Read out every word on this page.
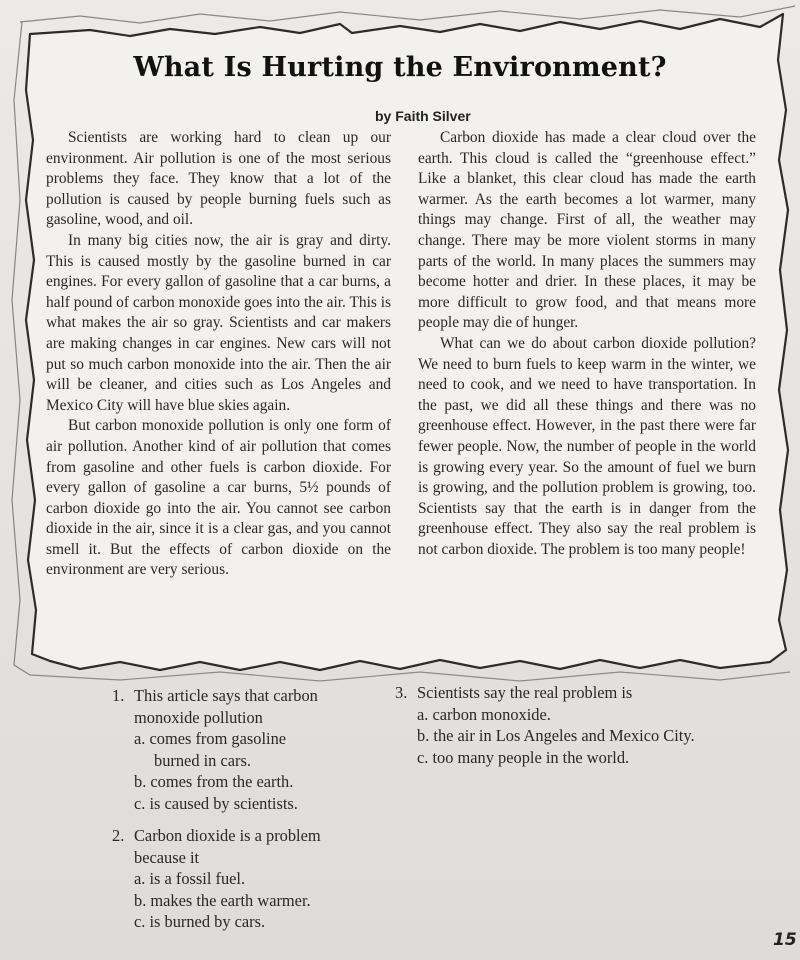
What Is Hurting the Environment?
by Faith Silver

Scientists are working hard to clean up our environment. Air pollution is one of the most serious problems they face. They know that a lot of the pollution is caused by people burning fuels such as gasoline, wood, and oil.

In many big cities now, the air is gray and dirty. This is caused mostly by the gasoline burned in car engines. For every gallon of gasoline that a car burns, a half pound of carbon monoxide goes into the air. This is what makes the air so gray. Scientists and car makers are making changes in car engines. New cars will not put so much carbon monoxide into the air. Then the air will be cleaner, and cities such as Los Angeles and Mexico City will have blue skies again.

But carbon monoxide pollution is only one form of air pollution. Another kind of air pollution that comes from gasoline and other fuels is carbon dioxide. For every gallon of gasoline a car burns, 5½ pounds of carbon dioxide go into the air. You cannot see carbon dioxide in the air, since it is a clear gas, and you cannot smell it. But the effects of carbon dioxide on the environment are very serious.

Carbon dioxide has made a clear cloud over the earth. This cloud is called the “greenhouse effect.” Like a blanket, this clear cloud has made the earth warmer. As the earth becomes a lot warmer, many things may change. First of all, the weather may change. There may be more violent storms in many parts of the world. In many places the summers may become hotter and drier. In these places, it may be more difficult to grow food, and that means more people may die of hunger.

What can we do about carbon dioxide pollution? We need to burn fuels to keep warm in the winter, we need to cook, and we need to have transportation. In the past, we did all these things and there was no greenhouse effect. However, in the past there were far fewer people. Now, the number of people in the world is growing every year. So the amount of fuel we burn is growing, and the pollution problem is growing, too. Scientists say that the earth is in danger from the greenhouse effect. They also say the real problem is not carbon dioxide. The problem is too many people!

1. This article says that carbon
monoxide pollution
a. comes from gasoline
burned in cars.
b. comes from the earth.
c. is caused by scientists.
2. Carbon dioxide is a problem
because it
a. is a fossil fuel.
b. makes the earth warmer.
c. is burned by cars.
3. Scientists say the real problem is
a. carbon monoxide.
b. the air in Los Angeles and Mexico City.
c. too many people in the world.
15
